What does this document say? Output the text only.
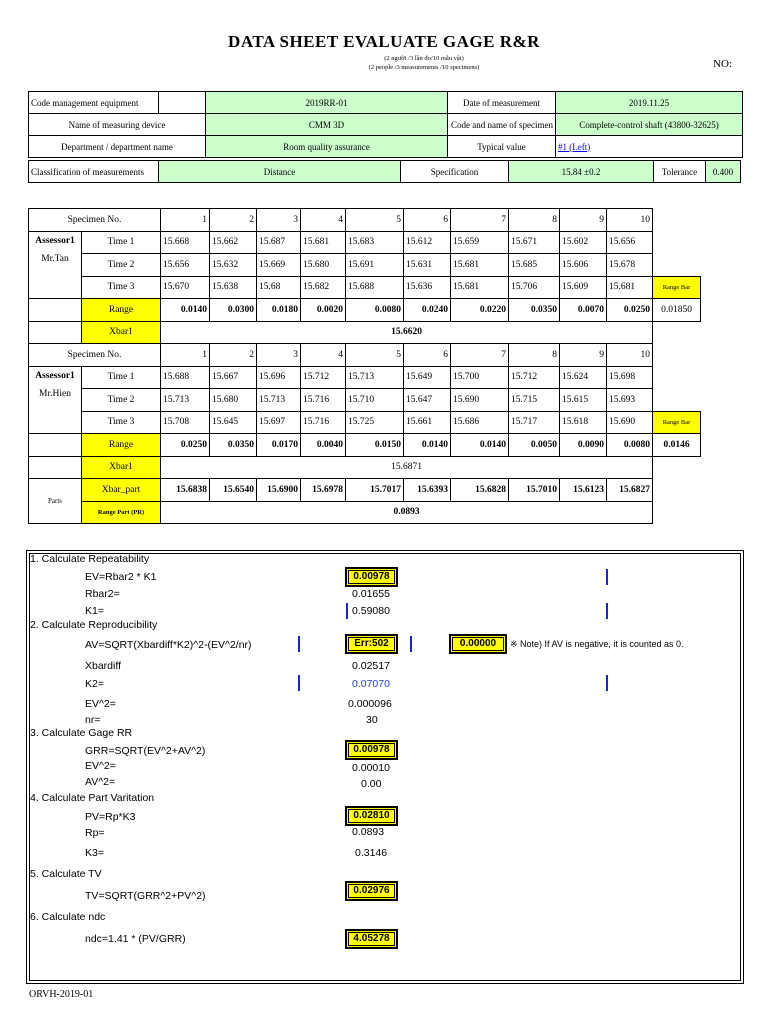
DATA SHEET EVALUATE GAGE R&R
(2 người /3 lần đo/10 mẫu vật)
(2 people /3 measurements /10 specimens)	NO:
Code management equipment		2019RR-01	Date of measurement	2019.11.25
Name of measuring device		CMM 3D	Code and name of specimen	Complete-control shaft (43800-32625)
Department / department name		Room quality assurance	Typical value	#1 (Left)
Classification of measurements	Distance	Specification	15.84 ±0.2	Tolerance	0.400
Specimen No.		1	2	3	4	5	6	7	8	9	10	

Assessor1
Mr.Tan	Time 1	15.668	15.662	15.687	15.681	15.683	15.612	15.659	15.671	15.602	15.656	
	Time 2	15.656	15.632	15.669	15.680	15.691	15.631	15.681	15.685	15.606	15.678	
	Time 3	15.670	15.638	15.68	15.682	15.688	15.636	15.681	15.706	15.609	15.681	Range Bar
	Range	0.0140	0.0300	0.0180	0.0020	0.0080	0.0240	0.0220	0.0350	0.0070	0.0250	0.01850
	Xbar1	15.6620										
Specimen No.		1	2	3	4	5	6	7	8	9	10	

Assessor1
Mr.Hien	Time 1	15.688	15.667	15.696	15.712	15.713	15.649	15.700	15.712	15.624	15.698	
	Time 2	15.713	15.680	15.713	15.716	15.710	15.647	15.690	15.715	15.615	15.693	
	Time 3	15.708	15.645	15.697	15.716	15.725	15.661	15.686	15.717	15.618	15.690	Range Bar
	Range	0.0250	0.0350	0.0170	0.0040	0.0150	0.0140	0.0140	0.0050	0.0090	0.0080	0.0146
	Xbar1	15.6871										
Parts	Xbar_part	15.6838	15.6540	15.6900	15.6978	15.7017	15.6393	15.6828	15.7010	15.6123	15.6827	
	Range Part (PR)	0.0893										
1. Calculate Repeatability
EV=Rbar2 * K1	0.00978
Rbar2=	0.01655
K1=	0.59080
2. Calculate Reproducibility
AV=SQRT(Xbardiff*K2)^2-(EV^2/nr)	Err:502	0.00000	※ Note) If AV is negative, it is counted as 0.
Xbardiff	0.02517
K2=	0.07070
EV^2=	0.000096
nr=	30
3. Calculate Gage RR
GRR=SQRT(EV^2+AV^2)	0.00978
EV^2=	0.00010
AV^2=	0.00
4. Calculate Part Varitation
PV=Rp*K3	0.02810
Rp=	0.0893
K3=	0.3146
5. Calculate TV
TV=SQRT(GRR^2+PV^2)	0.02976
6. Calculate ndc
ndc=1.41 * (PV/GRR)	4.05278
ORVH-2019-01
